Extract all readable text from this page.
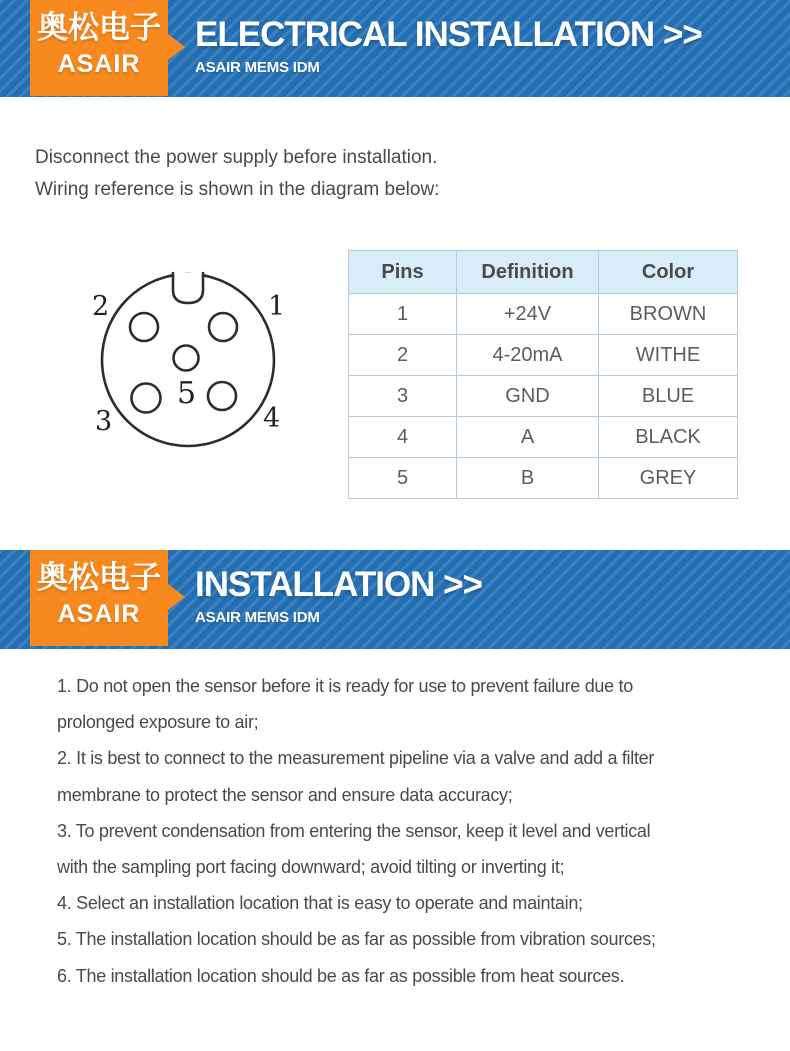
奥松电子
ASAIR
ELECTRICAL INSTALLATION >>
ASAIR MEMS IDM
Disconnect the power supply before installation.
Wiring reference is shown in the diagram below:
1
2
3	4
5
Pins	Definition	Color
1	+24V	BROWN
2	4-20mA	WITHE
3	GND	BLUE
4	A	BLACK
5	B	GREY
奥松电子
ASAIR
INSTALLATION >>
ASAIR MEMS IDM
1. Do not open the sensor before it is ready for use to prevent failure due to
prolonged exposure to air;
2. It is best to connect to the measurement pipeline via a valve and add a filter
membrane to protect the sensor and ensure data accuracy;
3. To prevent condensation from entering the sensor, keep it level and vertical
with the sampling port facing downward; avoid tilting or inverting it;
4. Select an installation location that is easy to operate and maintain;
5. The installation location should be as far as possible from vibration sources;
6. The installation location should be as far as possible from heat sources.
